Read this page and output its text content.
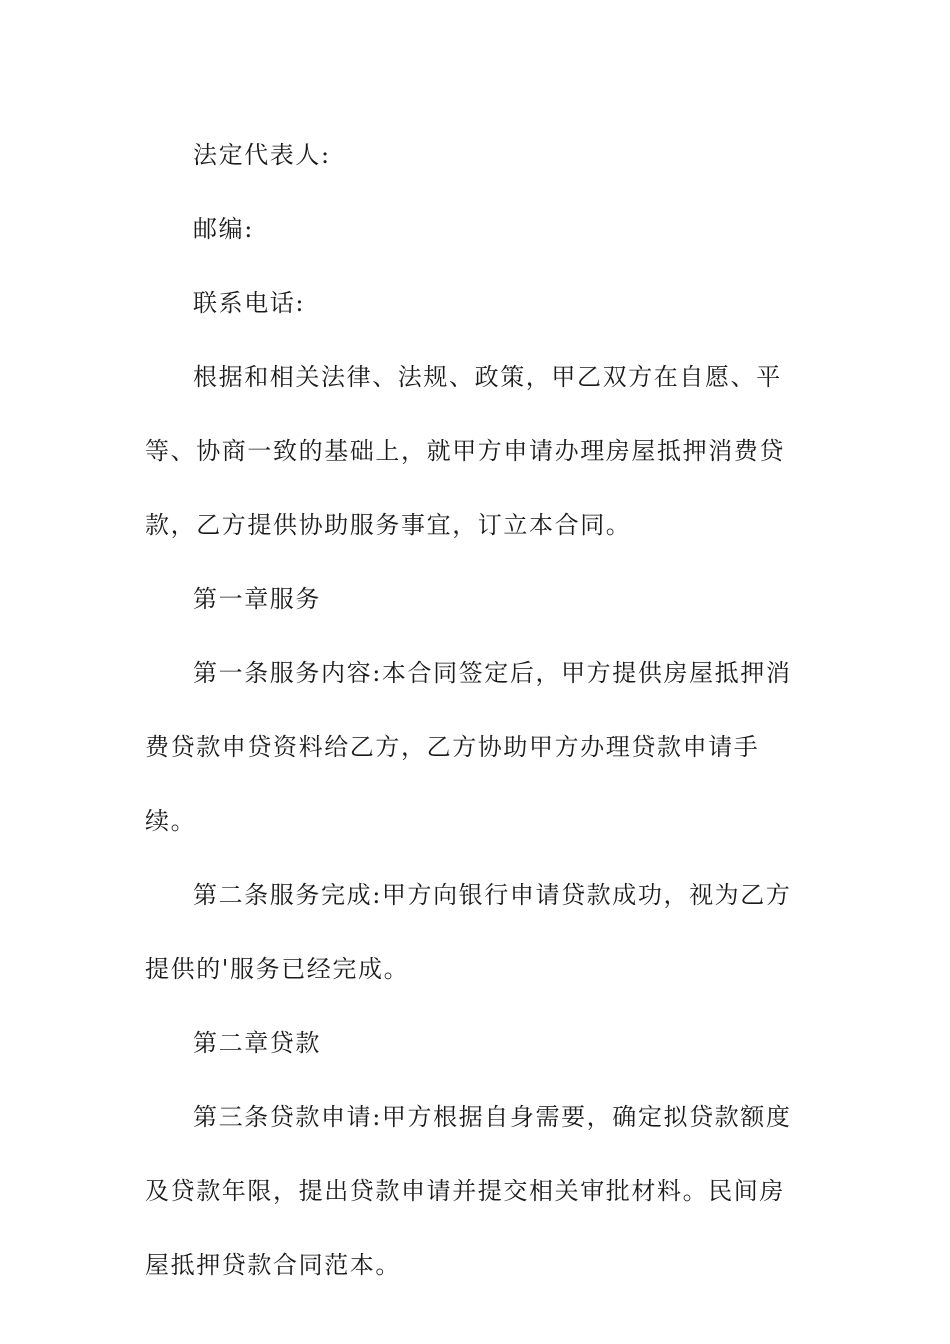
法定代表人:

邮编:

联系电话:

根据和相关法律、法规、政策，甲乙双方在自愿、平等、协商一致的基础上，就甲方申请办理房屋抵押消费贷款，乙方提供协助服务事宜，订立本合同。

第一章服务

第一条服务内容:本合同签定后，甲方提供房屋抵押消费贷款申贷资料给乙方，乙方协助甲方办理贷款申请手续。

第二条服务完成:甲方向银行申请贷款成功，视为乙方提供的'服务已经完成。

第二章贷款

第三条贷款申请:甲方根据自身需要，确定拟贷款额度及贷款年限，提出贷款申请并提交相关审批材料。民间房屋抵押贷款合同范本。
